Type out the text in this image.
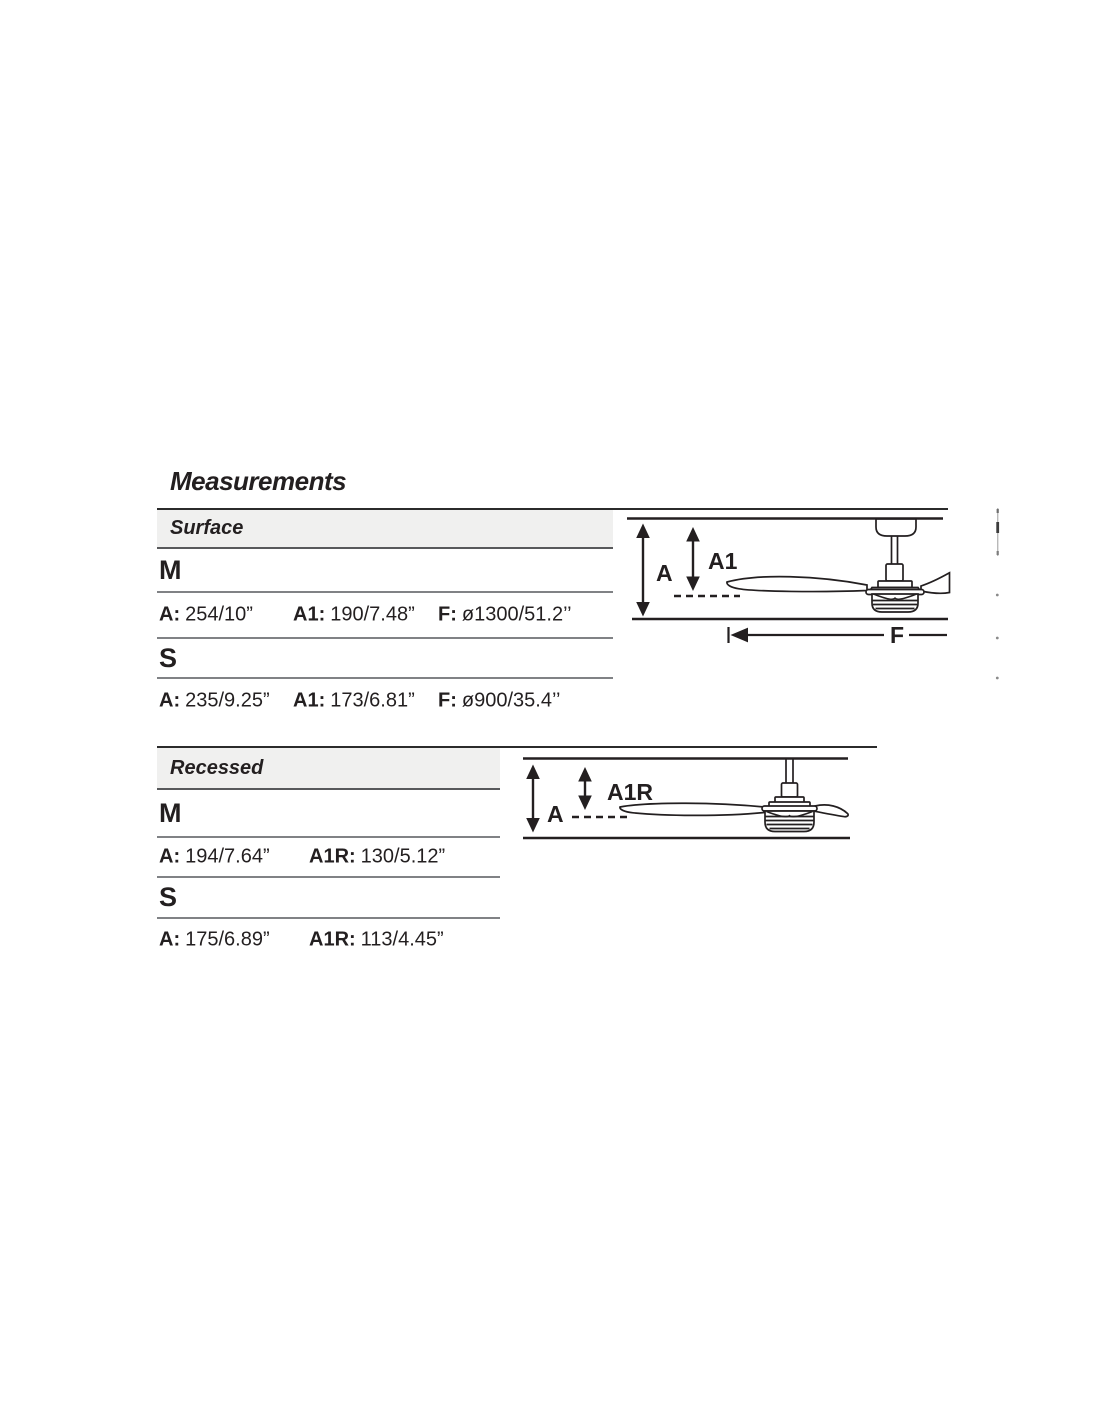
Measurements
Surface
M
A: 254/10” A1: 190/7.48” F: ø1300/51.2’’
S
A: 235/9.25” A1: 173/6.81” F: ø900/35.4’’
Recessed
M
A: 194/7.64” A1R: 130/5.12”
S
A: 175/6.89” A1R: 113/4.45”
A A1
F
A
A1R
